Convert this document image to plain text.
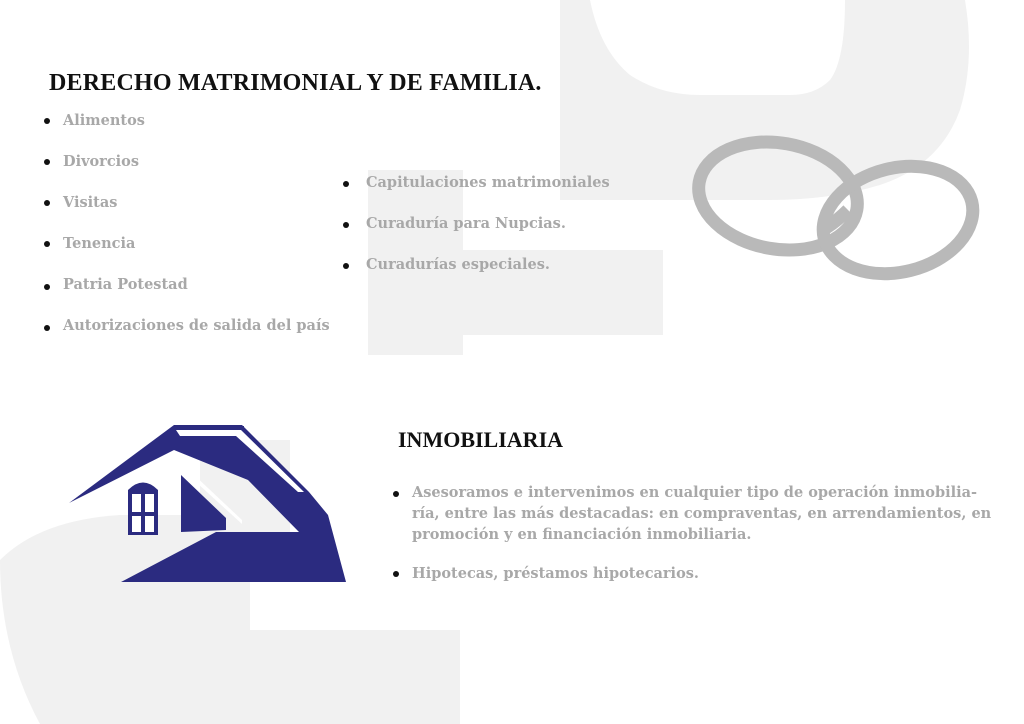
DERECHO MATRIMONIAL Y DE FAMILIA.
Alimentos
Divorcios
Visitas
Tenencia
Patria Potestad
Autorizaciones de salida del país
Capitulaciones matrimoniales
Curaduría para Nupcias.
Curadurías especiales.
INMOBILIARIA
Asesoramos e intervenimos en cualquier tipo de operación inmobilia-
ría, entre las más destacadas: en compraventas, en arrendamientos, en
promoción y en financiación inmobiliaria.
Hipotecas, préstamos hipotecarios.
